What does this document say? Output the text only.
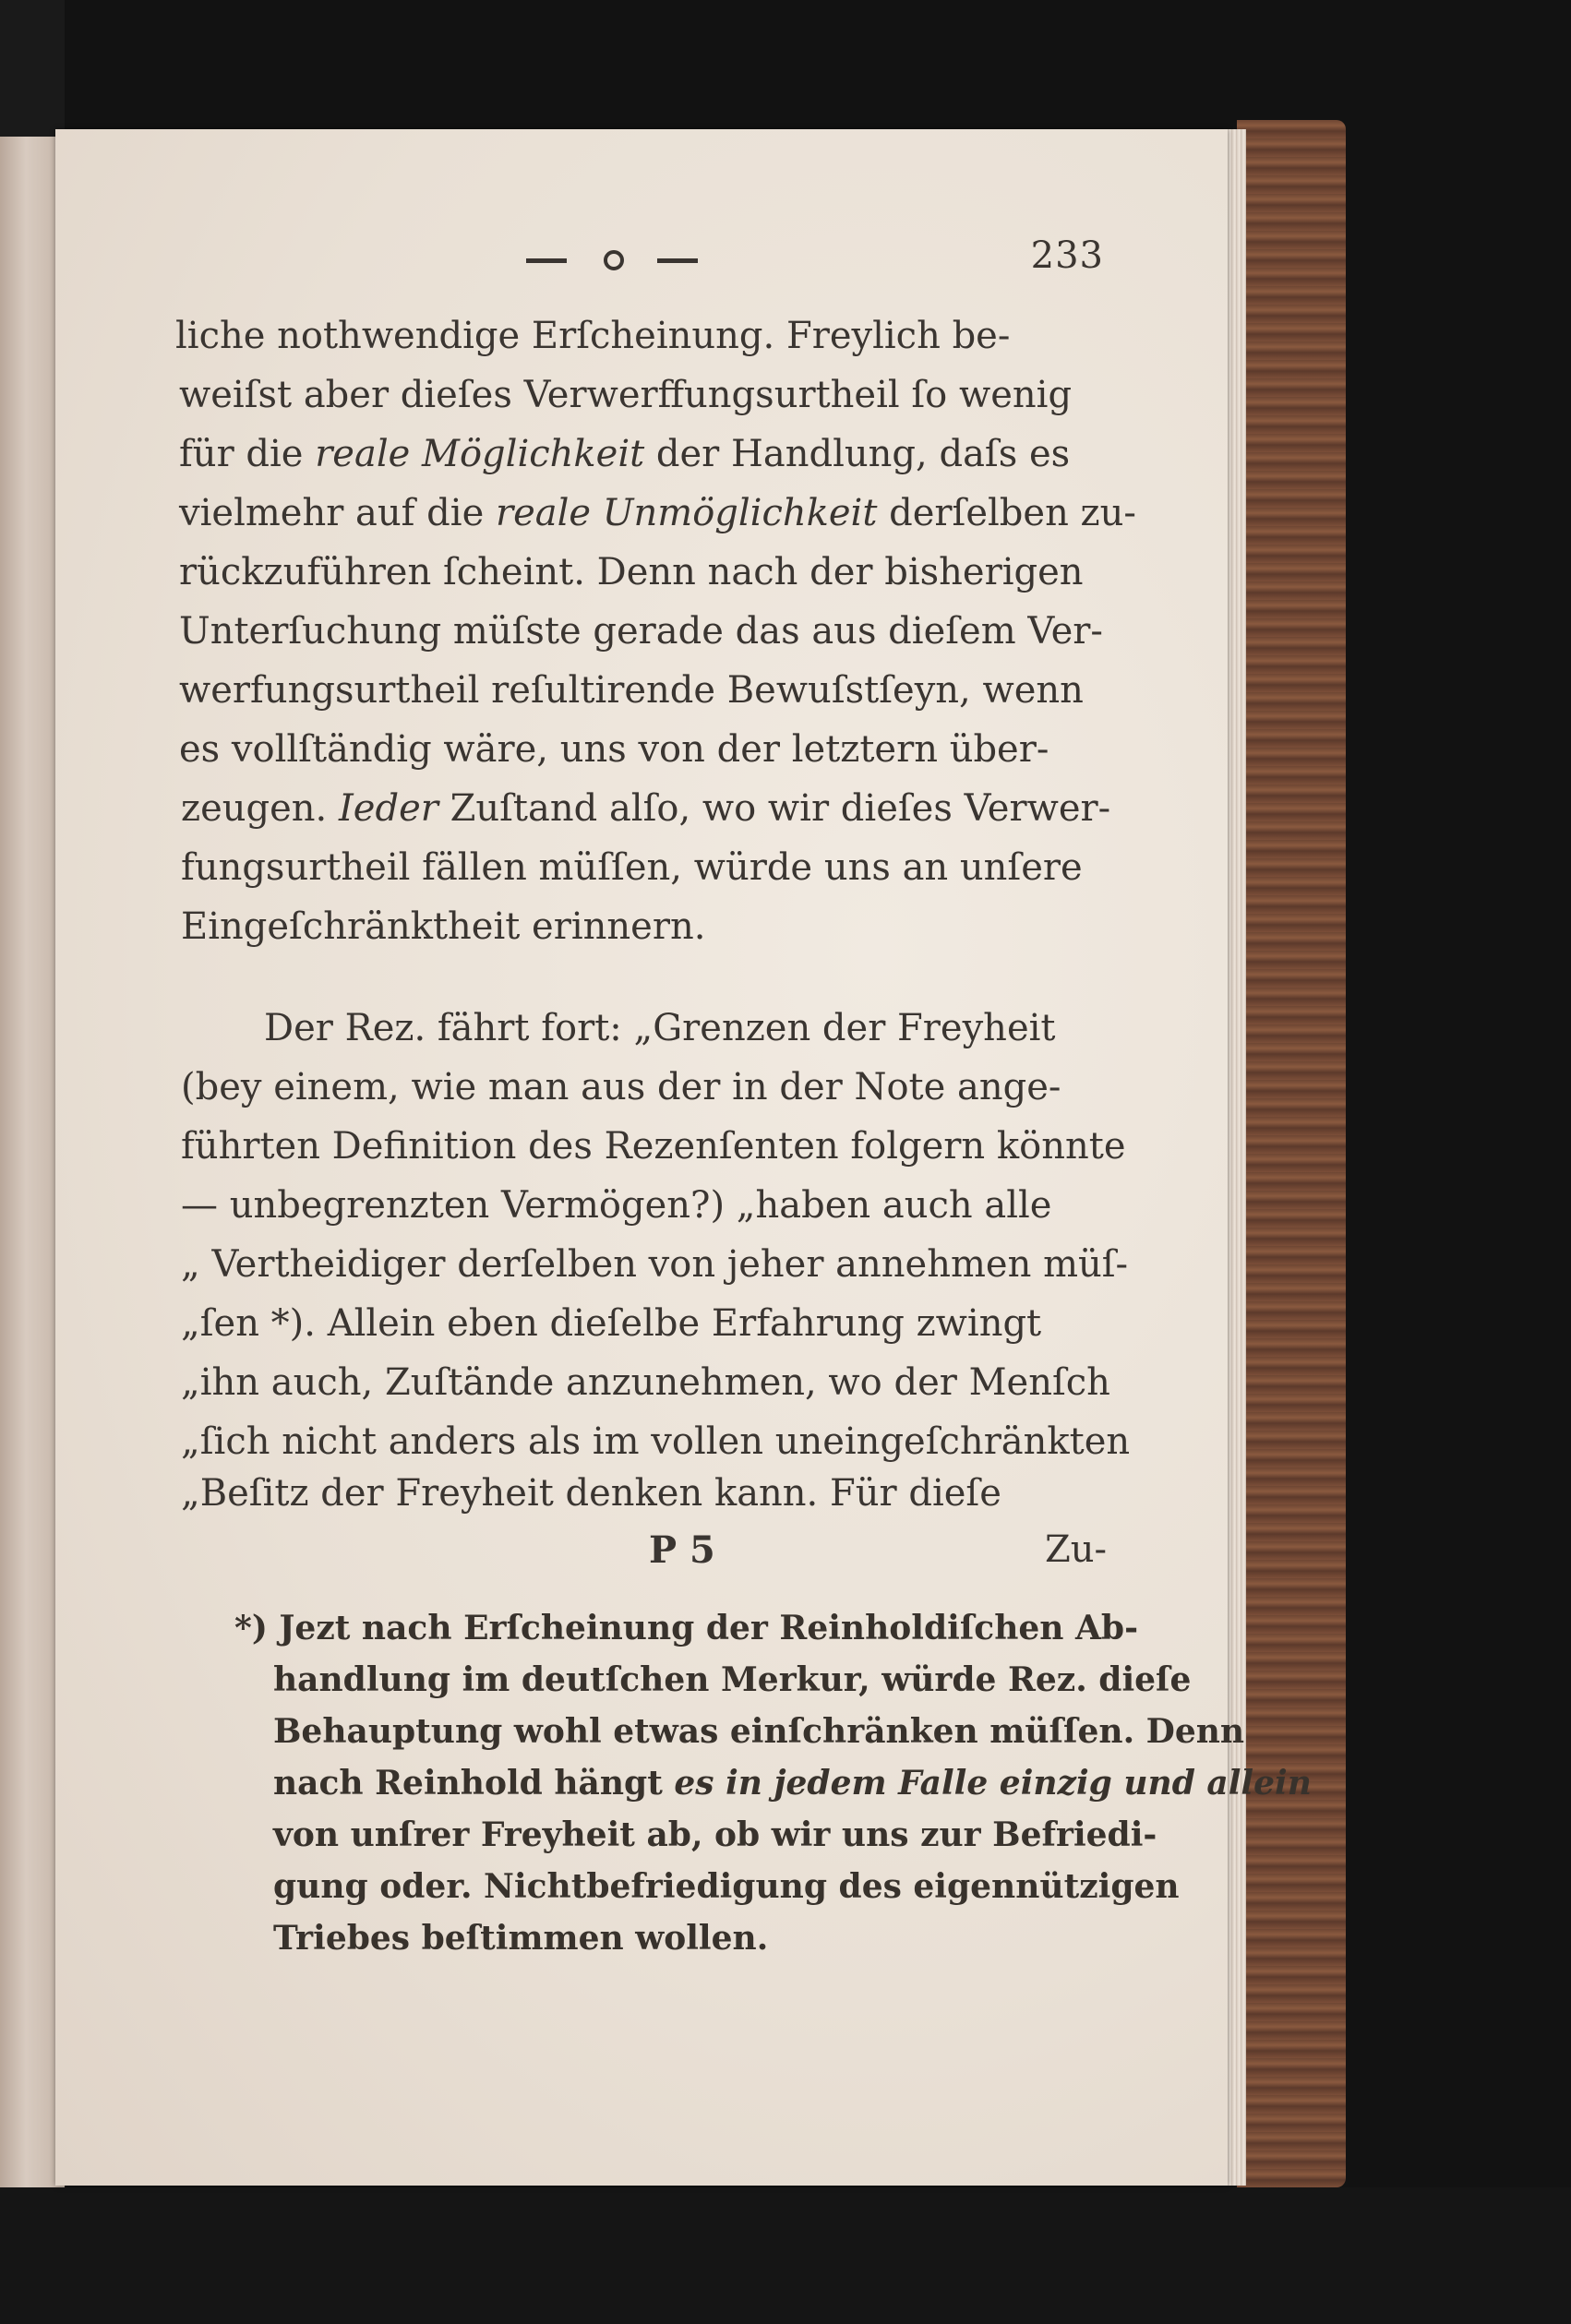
233
liche nothwendige Erſcheinung. Freylich be-
weiſst aber dieſes Verwerffungsurtheil ſo wenig
für die reale Möglichkeit der Handlung, daſs es
vielmehr auf die reale Unmöglichkeit derſelben zu-
rückzuführen ſcheint. Denn nach der bisherigen
Unterſuchung müſste gerade das aus dieſem Ver-
werfungsurtheil reſultirende Bewuſstſeyn, wenn
es vollſtändig wäre, uns von der letztern über-
zeugen. Ieder Zuſtand alſo, wo wir dieſes Verwer-
fungsurtheil fällen müſſen, würde uns an unſere
Eingeſchränktheit erinnern.
Der Rez. fährt fort: „Grenzen der Freyheit
(bey einem, wie man aus der in der Note ange-
führten Definition des Rezenſenten folgern könnte
— unbegrenzten Vermögen?) „haben auch alle
„ Vertheidiger derſelben von jeher annehmen müſ-
„ſen *). Allein eben dieſelbe Erfahrung zwingt
„ihn auch, Zuſtände anzunehmen, wo der Menſch
„ſich nicht anders als im vollen uneingeſchränkten
„Beſitz der Freyheit denken kann. Für dieſe
P 5	Zu-
*) Jezt nach Erſcheinung der Reinholdiſchen Ab-
handlung im deutſchen Merkur, würde Rez. dieſe
Behauptung wohl etwas einſchränken müſſen. Denn
nach Reinhold hängt es in jedem Falle einzig und allein
von unſrer Freyheit ab, ob wir uns zur Befriedi-
gung oder. Nichtbefriedigung des eigennützigen
Triebes beſtimmen wollen.
